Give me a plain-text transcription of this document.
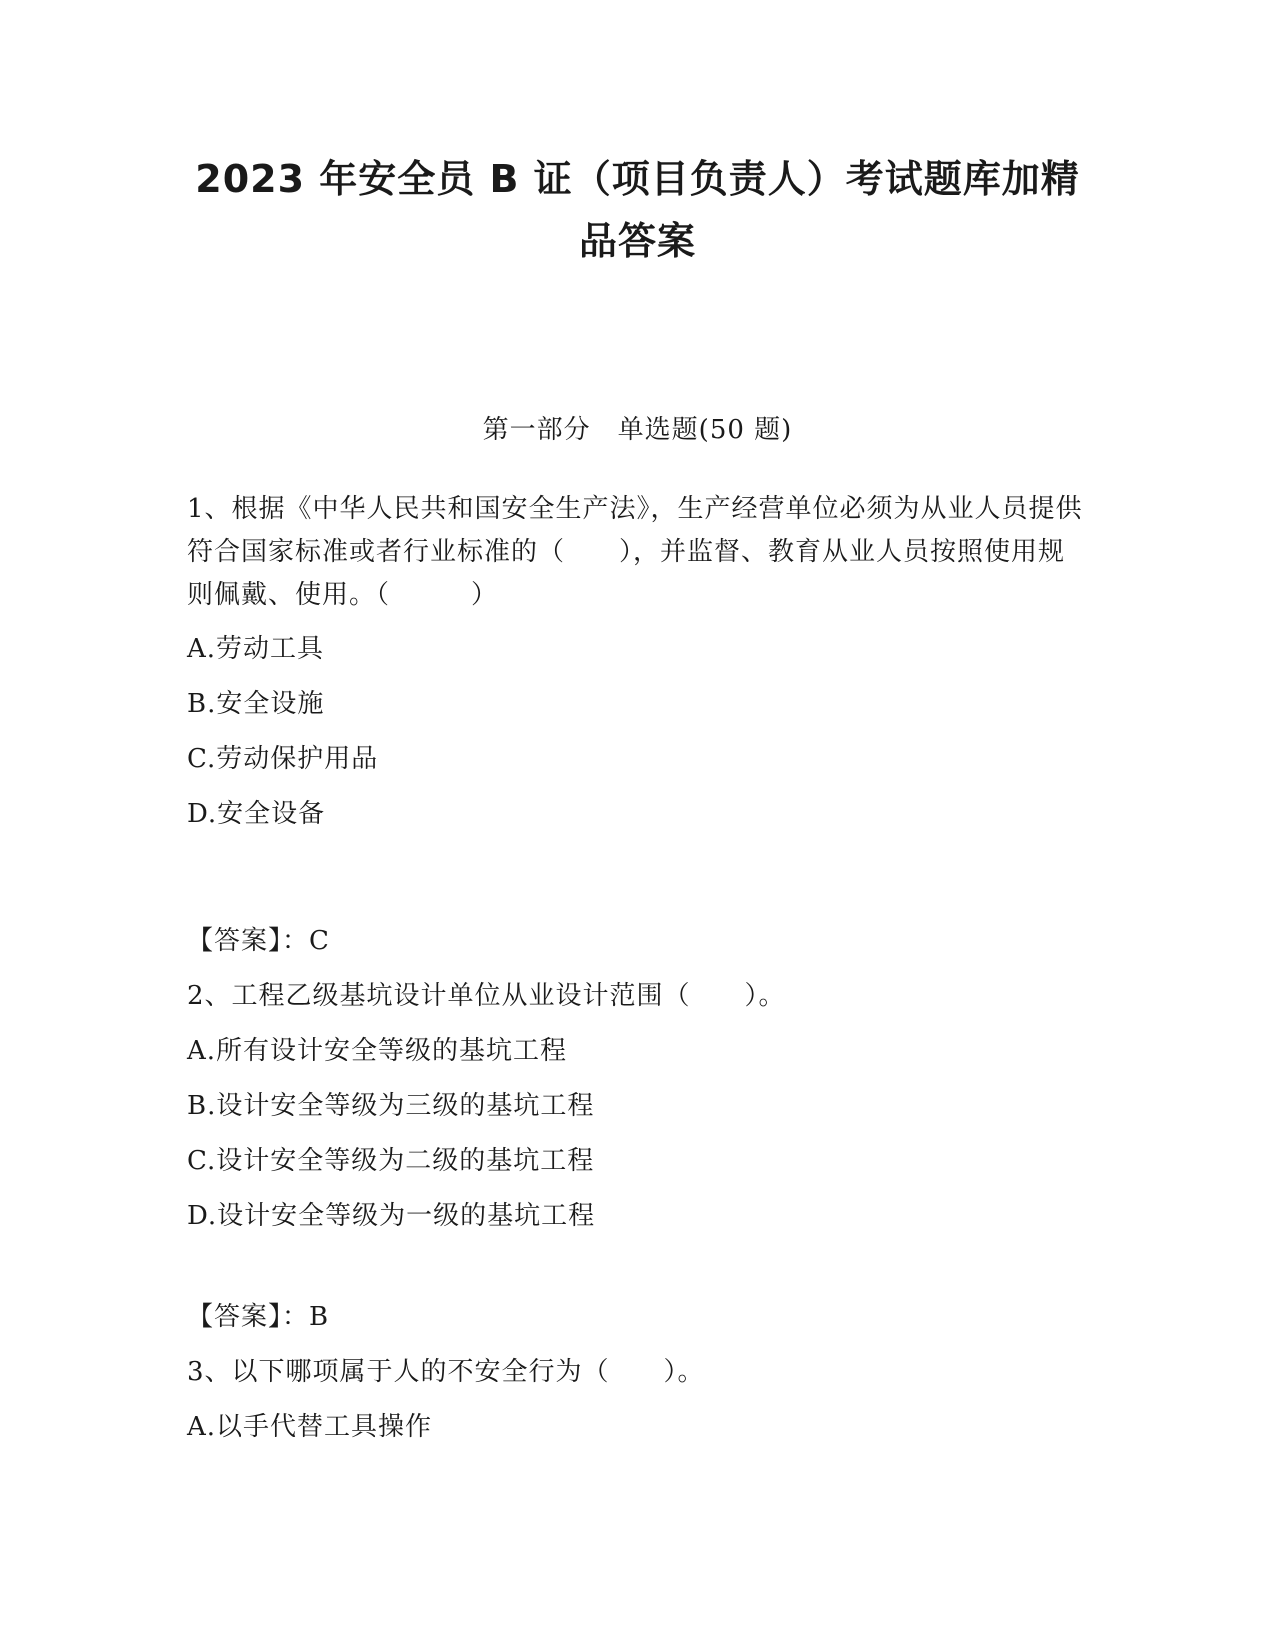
2023 年安全员 B 证（项目负责人）考试题库加精
品答案
第一部分　单选题(50 题)
1、根据《中华人民共和国安全生产法》，生产经营单位必须为从业人员提供符合国家标准或者行业标准的（　　），并监督、教育从业人员按照使用规则佩戴、使用。（　　　）
A.劳动工具
B.安全设施
C.劳动保护用品
D.安全设备
【答案】：C
2、工程乙级基坑设计单位从业设计范围（　　）。
A.所有设计安全等级的基坑工程
B.设计安全等级为三级的基坑工程
C.设计安全等级为二级的基坑工程
D.设计安全等级为一级的基坑工程
【答案】：B
3、以下哪项属于人的不安全行为（　　）。
A.以手代替工具操作
